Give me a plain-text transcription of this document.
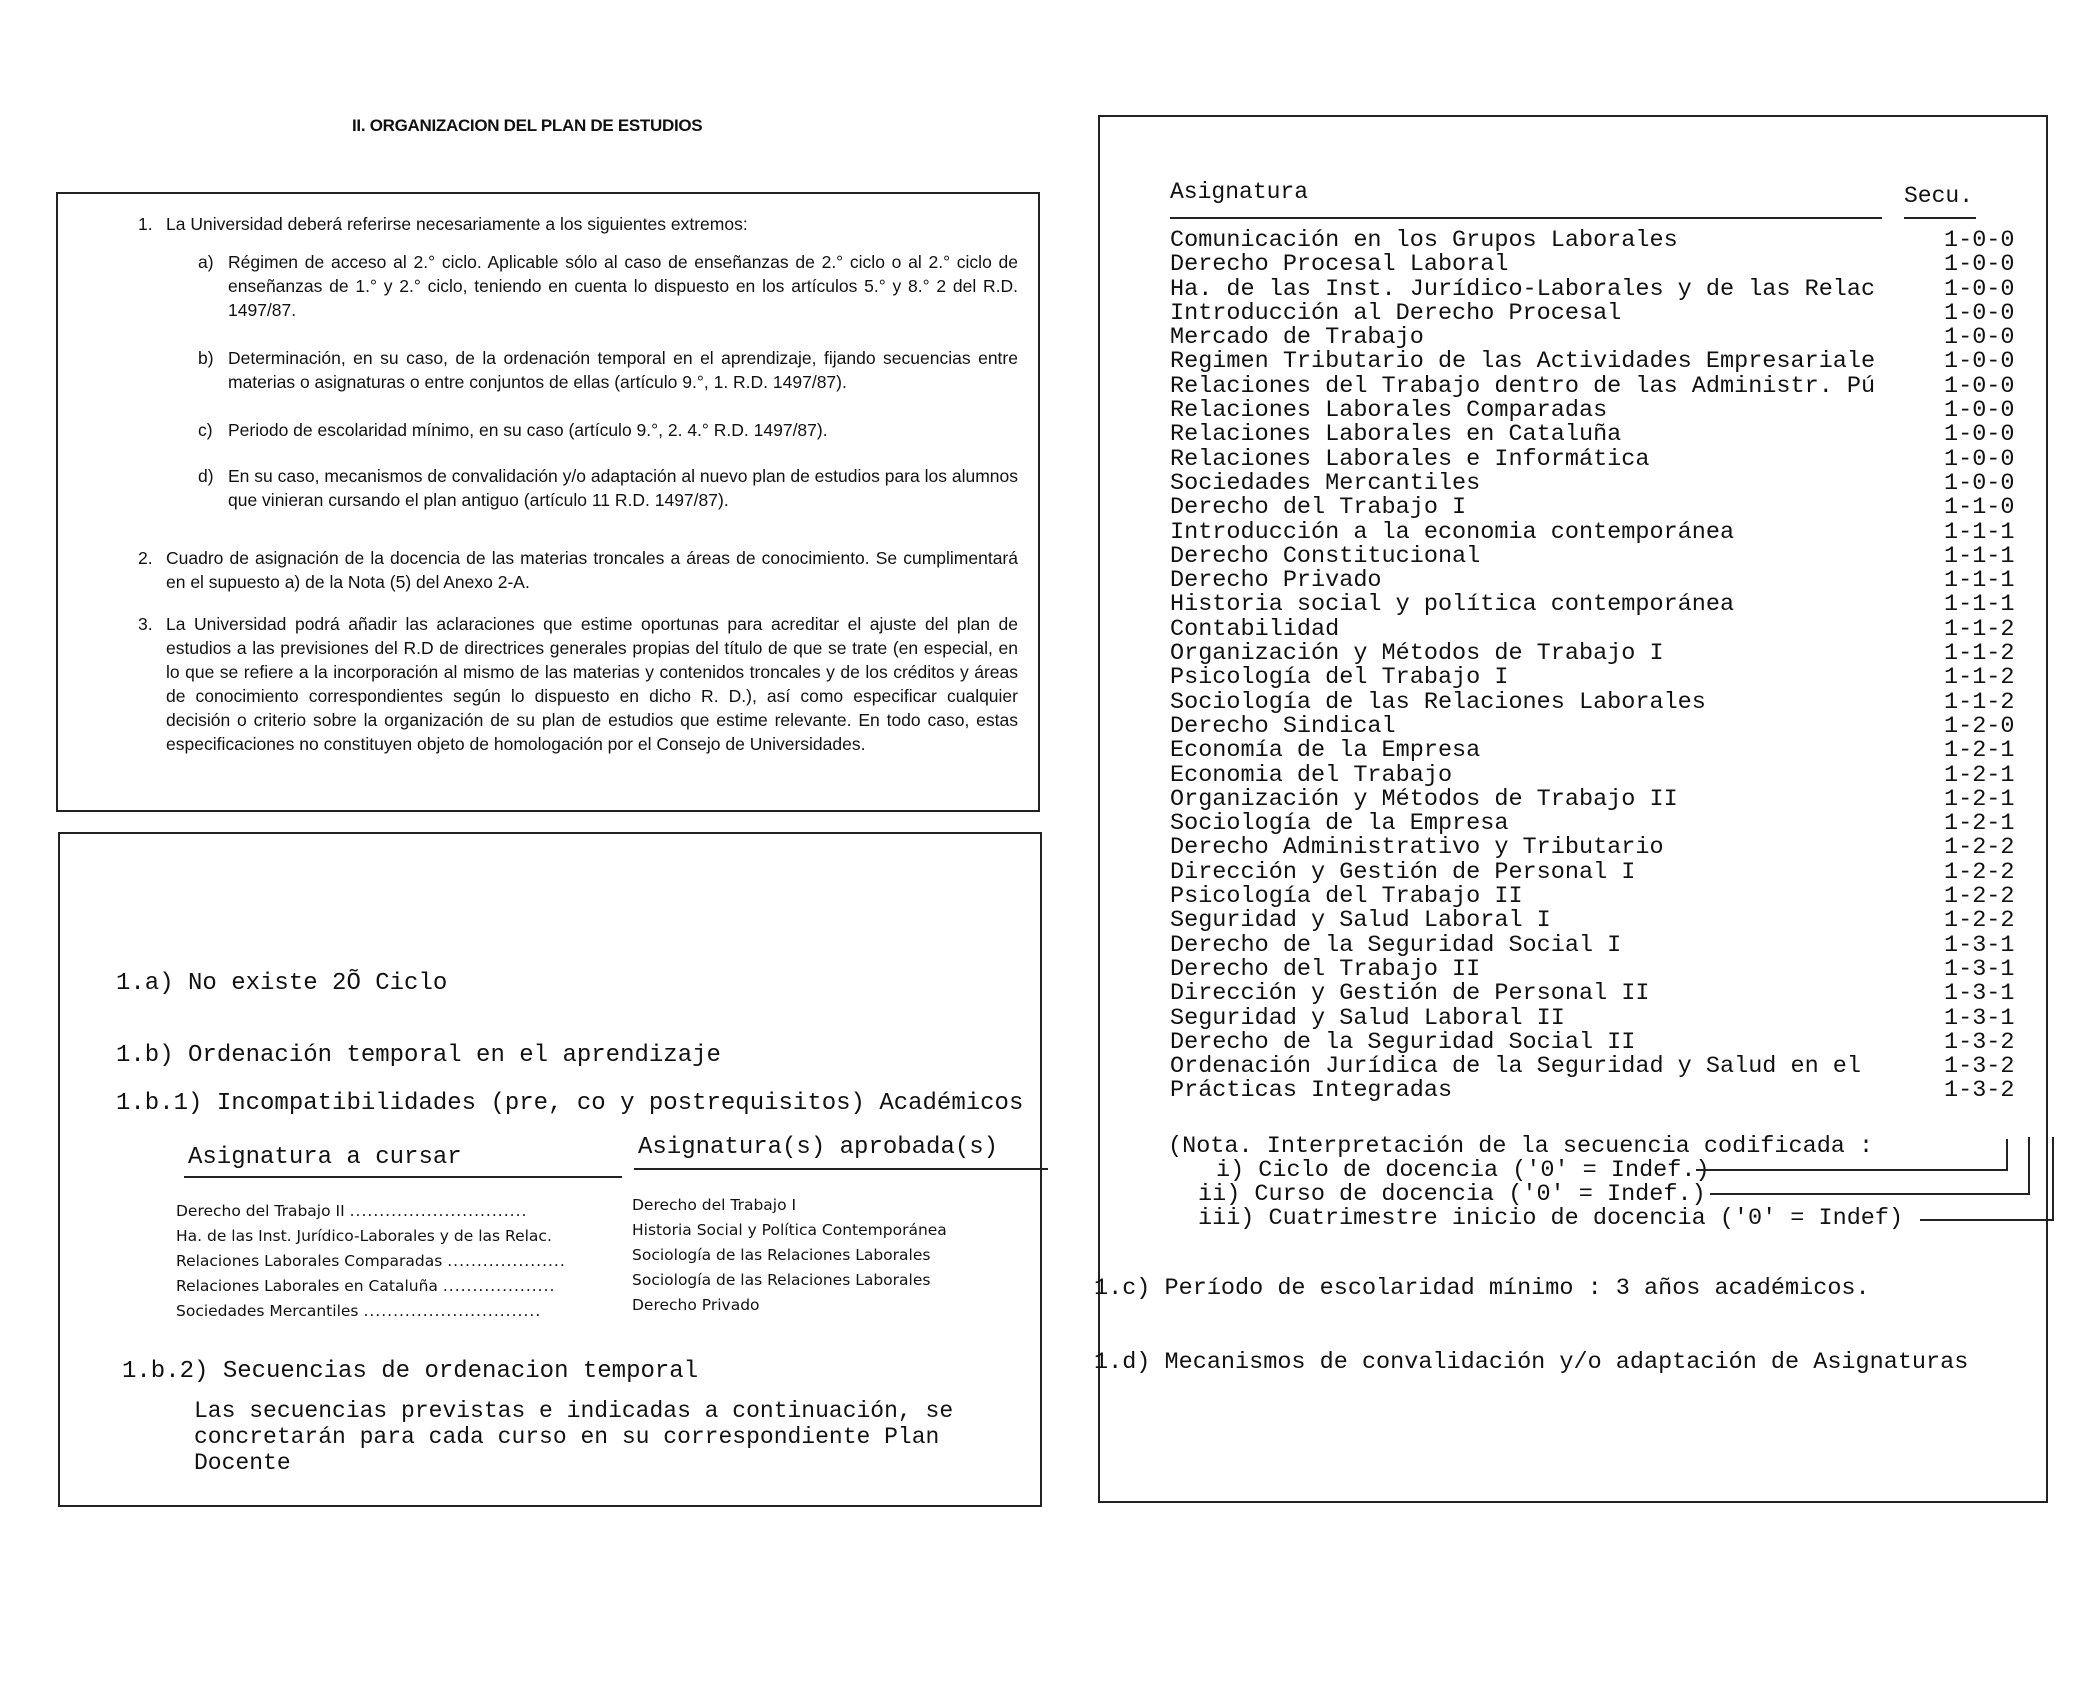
II. ORGANIZACION DEL PLAN DE ESTUDIOS
1. La Universidad deberá referirse necesariamente a los siguientes extremos:
a) Régimen de acceso al 2.° ciclo. Aplicable sólo al caso de enseñanzas de 2.° ciclo o al 2.° ciclo de enseñanzas de 1.° y 2.° ciclo, teniendo en cuenta lo dispuesto en los artículos 5.° y 8.° 2 del R.D. 1497/87.
b) Determinación, en su caso, de la ordenación temporal en el aprendizaje, fijando secuencias entre materias o asignaturas o entre conjuntos de ellas (artículo 9.°, 1. R.D. 1497/87).
c) Periodo de escolaridad mínimo, en su caso (artículo 9.°, 2. 4.° R.D. 1497/87).
d) En su caso, mecanismos de convalidación y/o adaptación al nuevo plan de estudios para los alumnos que vinieran cursando el plan antiguo (artículo 11 R.D. 1497/87).
2. Cuadro de asignación de la docencia de las materias troncales a áreas de conocimiento. Se cumplimentará en el supuesto a) de la Nota (5) del Anexo 2-A.
3. La Universidad podrá añadir las aclaraciones que estime oportunas para acreditar el ajuste del plan de estudios a las previsiones del R.D de directrices generales propias del título de que se trate (en especial, en lo que se refiere a la incorporación al mismo de las materias y contenidos troncales y de los créditos y áreas de conocimiento correspondientes según lo dispuesto en dicho R. D.), así como especificar cualquier decisión o criterio sobre la organización de su plan de estudios que estime relevante. En todo caso, estas especificaciones no constituyen objeto de homologación por el Consejo de Universidades.
1.a) No existe 2Õ Ciclo
1.b) Ordenación temporal en el aprendizaje
1.b.1) Incompatibilidades (pre, co y postrequisitos) Académicos
Asignatura a cursar	Asignatura(s) aprobada(s)
Derecho del Trabajo II ..............................	Derecho del Trabajo I
Ha. de las Inst. Jurídico-Laborales y de las Relac.	Historia Social y Política Contemporánea
Relaciones Laborales Comparadas ....................	Sociología de las Relaciones Laborales
Relaciones Laborales en Cataluña ...................	Sociología de las Relaciones Laborales
Sociedades Mercantiles ..............................	Derecho Privado
1.b.2) Secuencias de ordenacion temporal
Las secuencias previstas e indicadas a continuación, se concretarán para cada curso en su correspondiente Plan Docente
Asignatura	Secu.
Comunicación en los Grupos Laborales	1-0-0
Derecho Procesal Laboral	1-0-0
Ha. de las Inst. Jurídico-Laborales y de las Relac	1-0-0
Introducción al Derecho Procesal	1-0-0
Mercado de Trabajo	1-0-0
Regimen Tributario de las Actividades Empresariale	1-0-0
Relaciones del Trabajo dentro de las Administr. Pú	1-0-0
Relaciones Laborales Comparadas	1-0-0
Relaciones Laborales en Cataluña	1-0-0
Relaciones Laborales e Informática	1-0-0
Sociedades Mercantiles	1-0-0
Derecho del Trabajo I	1-1-0
Introducción a la economia contemporánea	1-1-1
Derecho Constitucional	1-1-1
Derecho Privado	1-1-1
Historia social y política contemporánea	1-1-1
Contabilidad	1-1-2
Organización y Métodos de Trabajo I	1-1-2
Psicología del Trabajo I	1-1-2
Sociología de las Relaciones Laborales	1-1-2
Derecho Sindical	1-2-0
Economía de la Empresa	1-2-1
Economia del Trabajo	1-2-1
Organización y Métodos de Trabajo II	1-2-1
Sociología de la Empresa	1-2-1
Derecho Administrativo y Tributario	1-2-2
Dirección y Gestión de Personal I	1-2-2
Psicología del Trabajo II	1-2-2
Seguridad y Salud Laboral I	1-2-2
Derecho de la Seguridad Social I	1-3-1
Derecho del Trabajo II	1-3-1
Dirección y Gestión de Personal II	1-3-1
Seguridad y Salud Laboral II	1-3-1
Derecho de la Seguridad Social II	1-3-2
Ordenación Jurídica de la Seguridad y Salud en el	1-3-2
Prácticas Integradas	1-3-2
(Nota. Interpretación de la secuencia codificada :
i) Ciclo de docencia ('0' = Indef.)
ii) Curso de docencia ('0' = Indef.)
iii) Cuatrimestre inicio de docencia ('0' = Indef)
1.c) Período de escolaridad mínimo : 3 años académicos.
1.d) Mecanismos de convalidación y/o adaptación de Asignaturas
